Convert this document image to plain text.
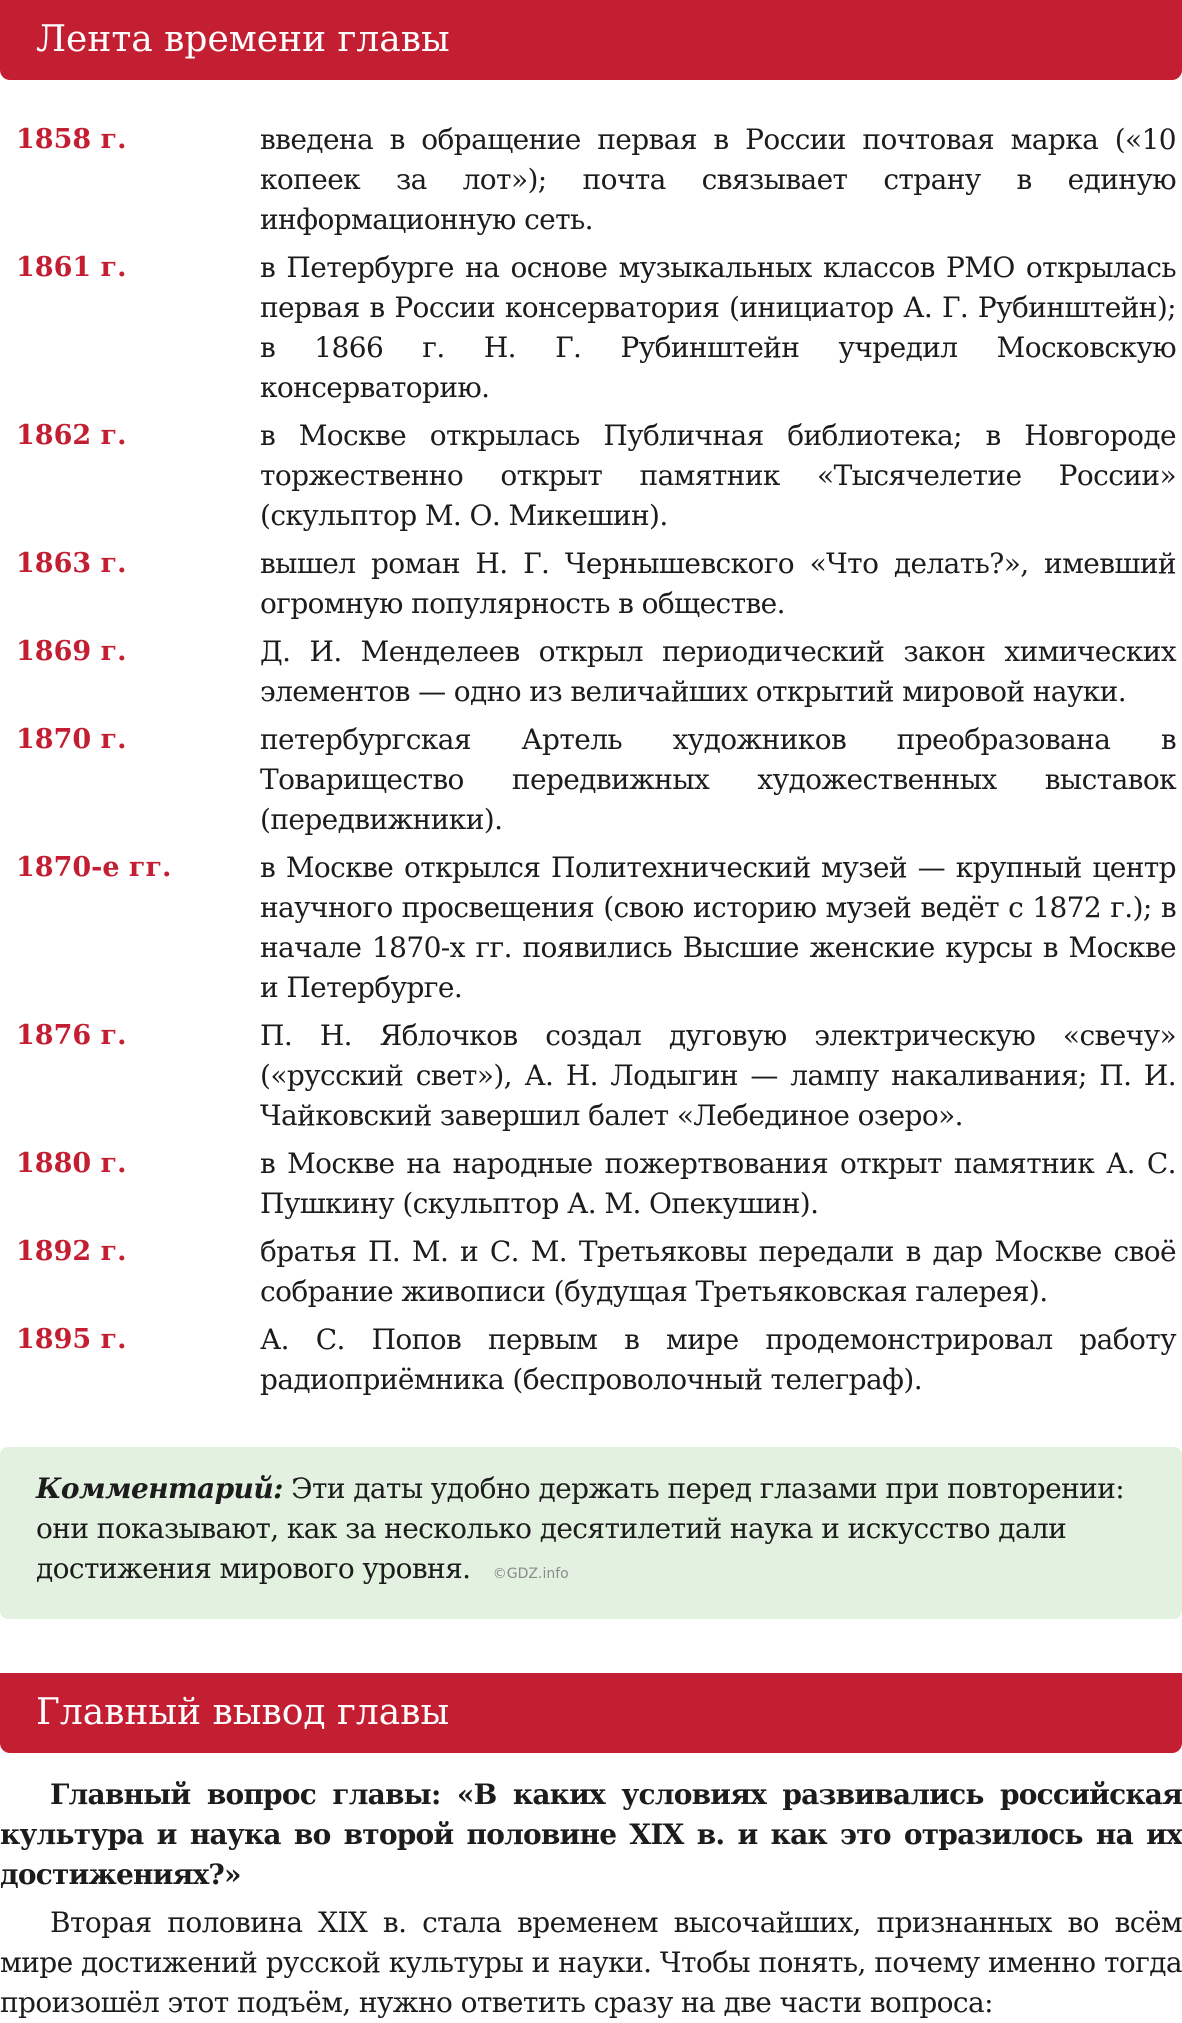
Лента времени главы
1858 г.	введена в обращение первая в России почтовая марка («10 копеек за лот»); почта связывает страну в единую информационную сеть.
1861 г.	в Петербурге на основе музыкальных классов РМО открылась первая в России консерватория (инициатор А. Г. Рубинштейн); в 1866 г. Н. Г. Рубинштейн учредил Московскую консерваторию.
1862 г.	в Москве открылась Публичная библиотека; в Новгороде торжественно открыт памятник «Тысячелетие России» (скульптор М. О. Микешин).
1863 г.	вышел роман Н. Г. Чернышевского «Что делать?», имевший огромную популярность в обществе.
1869 г.	Д. И. Менделеев открыл периодический закон химических элементов — одно из величайших открытий мировой науки.
1870 г.	петербургская Артель художников преобразована в Товарищество передвижных художественных выставок (передвижники).
1870-е гг.	в Москве открылся Политехнический музей — крупный центр научного просвещения (свою историю музей ведёт с 1872 г.); в начале 1870-х гг. появились Высшие женские курсы в Москве и Петербурге.
1876 г.	П. Н. Яблочков создал дуговую электрическую «свечу» («русский свет»), А. Н. Лодыгин — лампу накаливания; П. И. Чайковский завершил балет «Лебединое озеро».
1880 г.	в Москве на народные пожертвования открыт памятник А. С. Пушкину (скульптор А. М. Опекушин).
1892 г.	братья П. М. и С. М. Третьяковы передали в дар Москве своё собрание живописи (будущая Третьяковская галерея).
1895 г.	А. С. Попов первым в мире продемонстрировал работу радиоприёмника (беспроволочный телеграф).
Комментарий: Эти даты удобно держать перед глазами при повторении: они показывают, как за несколько десятилетий наука и искусство дали достижения мирового уровня. ©GDZ.info
Главный вывод главы

Главный вопрос главы: «В каких условиях развивались российская культура и наука во второй половине XIX в. и как это отразилось на их достижениях?»

Вторая половина XIX в. стала временем высочайших, признанных во всём мире достижений русской культуры и науки. Чтобы понять, почему именно тогда произошёл этот подъём, нужно ответить сразу на две части вопроса:
